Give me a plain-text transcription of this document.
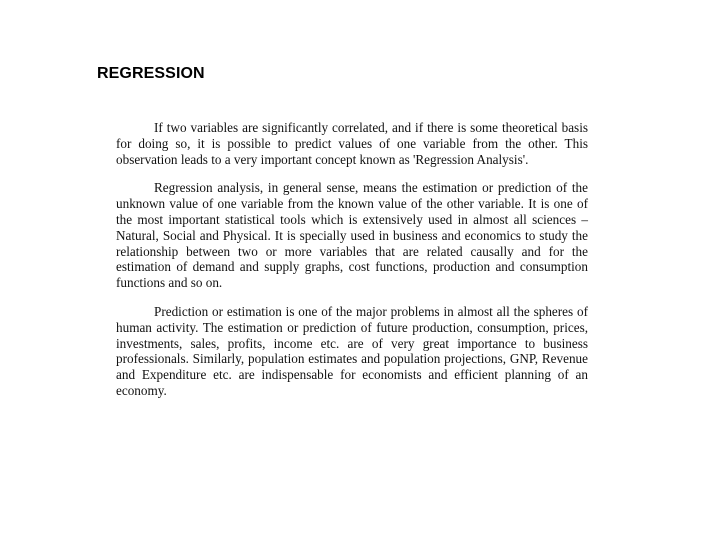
REGRESSION

If two variables are significantly correlated, and if there is some theoretical basis for doing so, it is possible to predict values of one variable from the other. This observation leads to a very important concept known as 'Regression Analysis'.

Regression analysis, in general sense, means the estimation or prediction of the unknown value of one variable from the known value of the other variable. It is one of the most important statistical tools which is extensively used in almost all sciences – Natural, Social and Physical. It is specially used in business and economics to study the relationship between two or more variables that are related causally and for the estimation of demand and supply graphs, cost functions, production and consumption functions and so on.

Prediction or estimation is one of the major problems in almost all the spheres of human activity. The estimation or prediction of future production, consumption, prices, investments, sales, profits, income etc. are of very great importance to business professionals. Similarly, population estimates and population projections, GNP, Revenue and Expenditure etc. are indispensable for economists and efficient planning of an economy.
